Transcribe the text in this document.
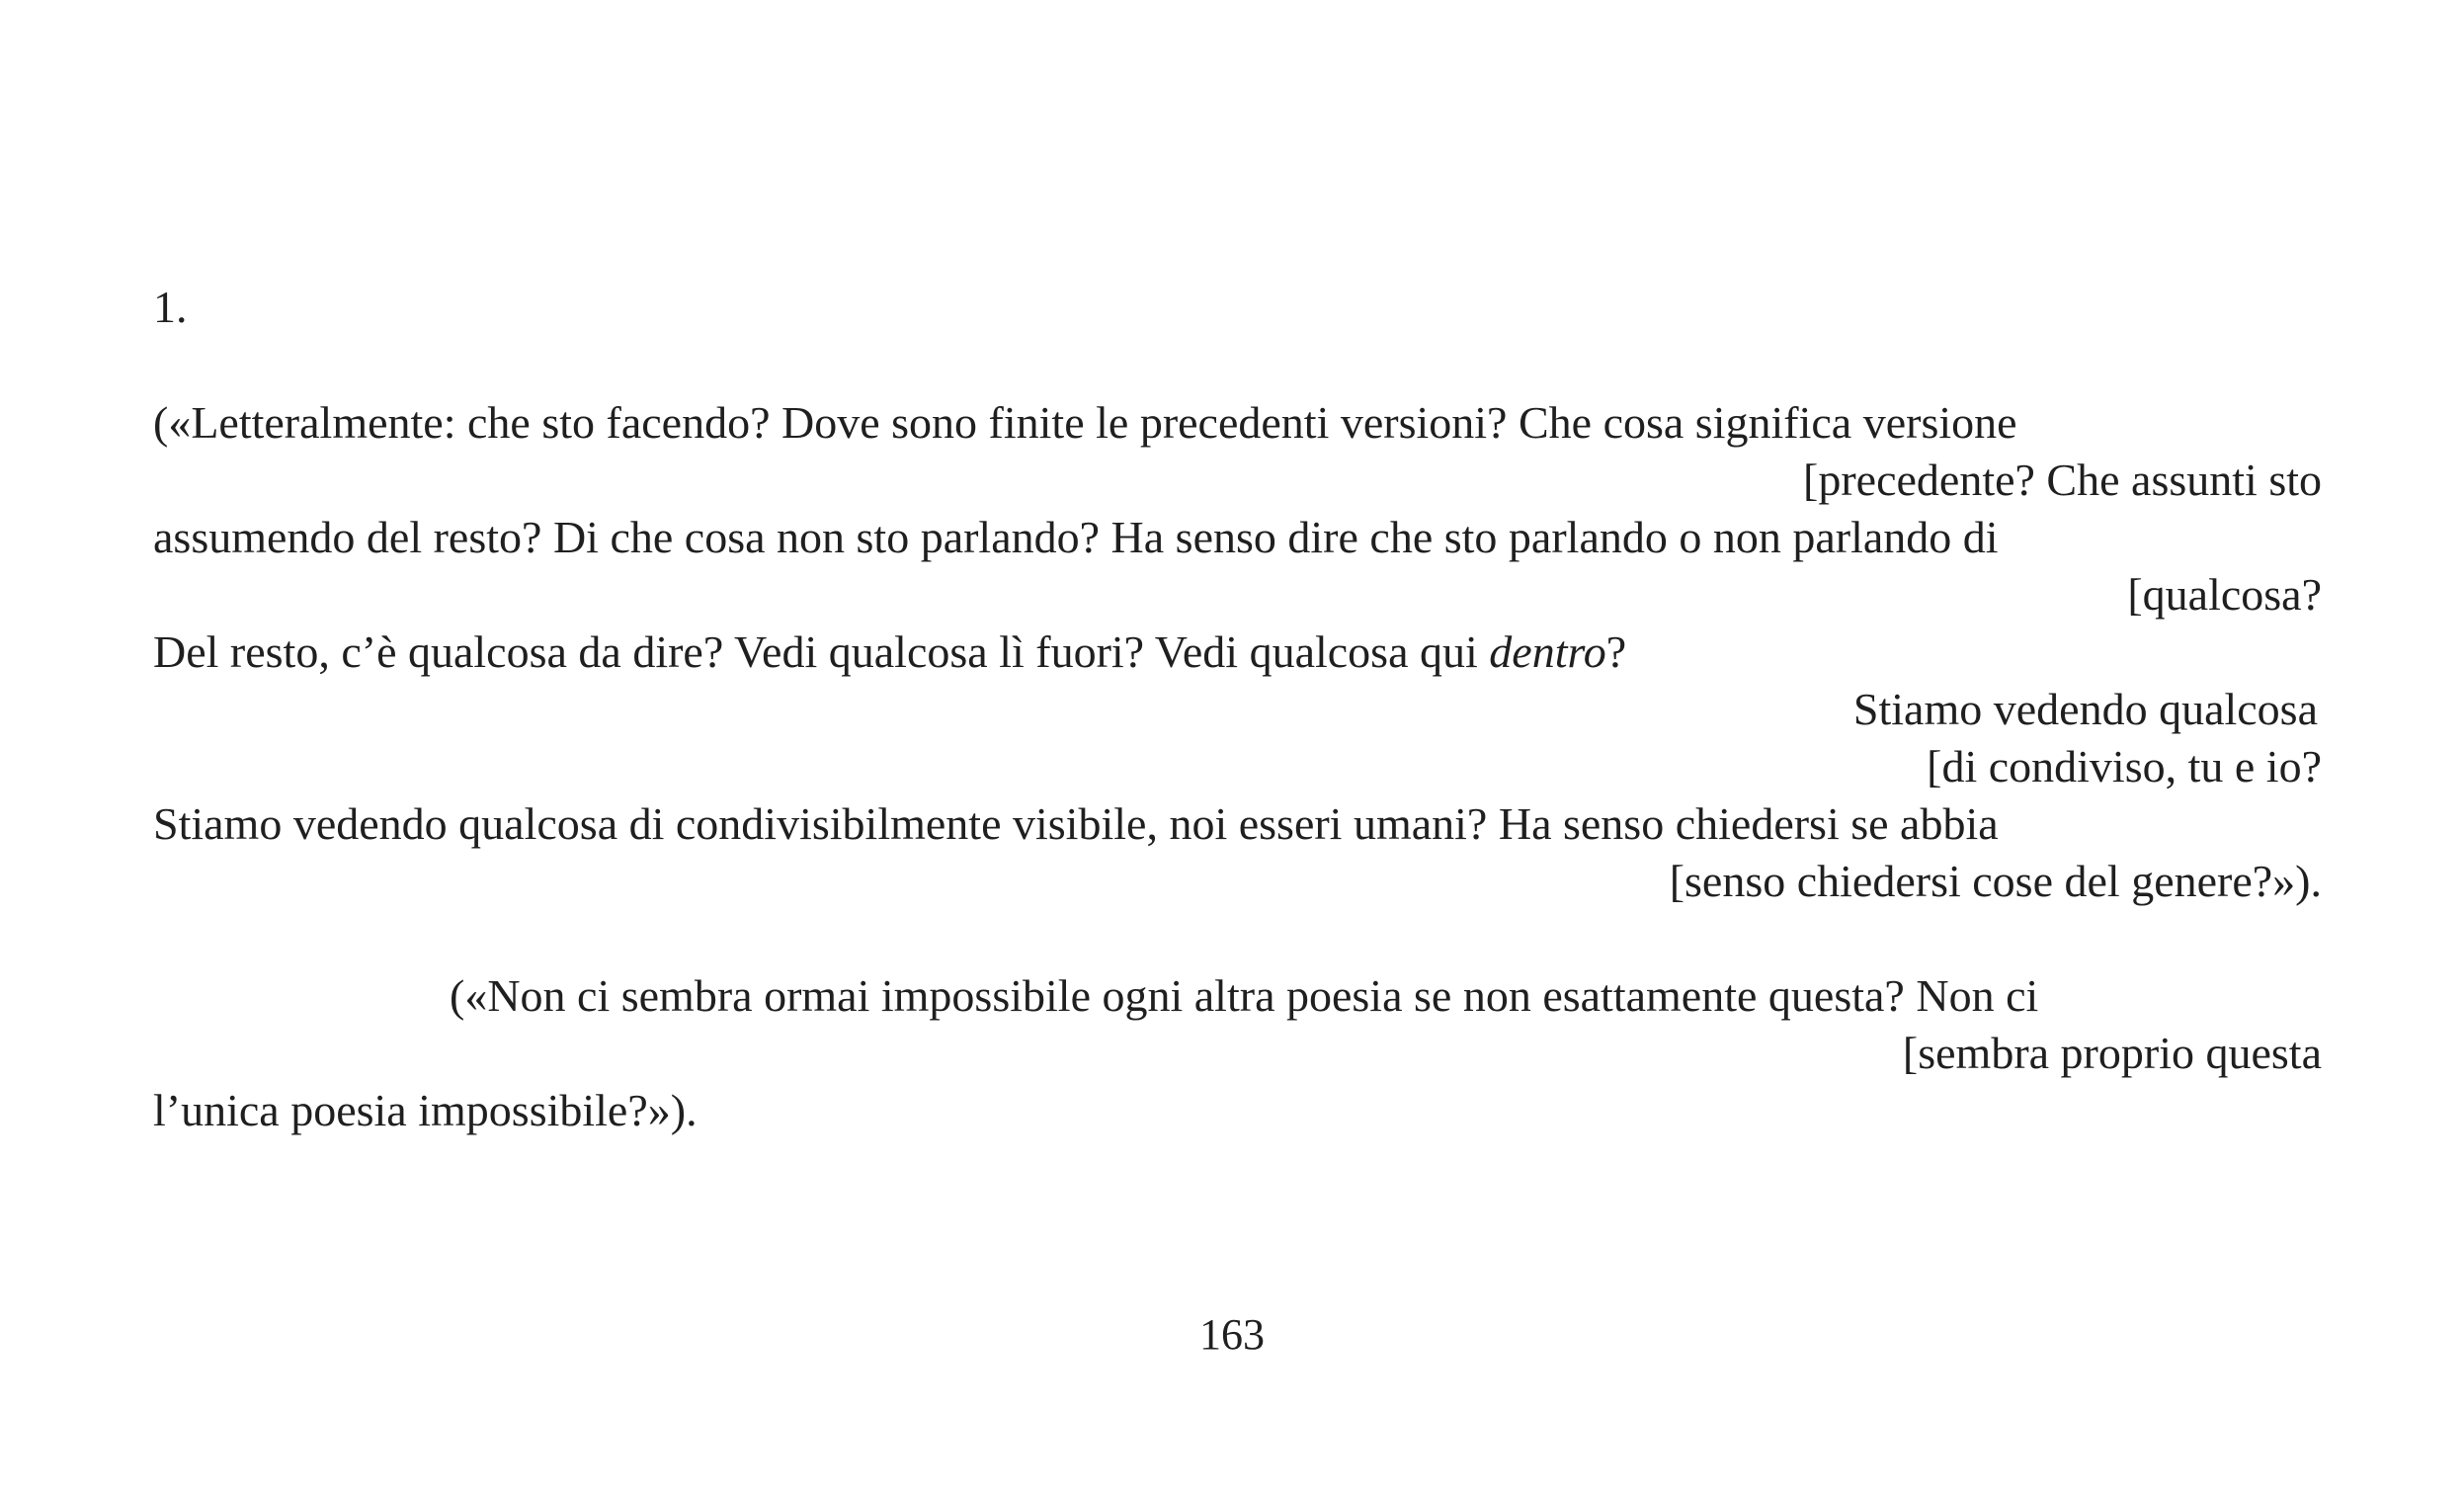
1.

(«Letteralmente: che sto facendo? Dove sono finite le precedenti versioni? Che cosa significa versione

[precedente? Che assunti sto

assumendo del resto? Di che cosa non sto parlando? Ha senso dire che sto parlando o non parlando di

[qualcosa?

Del resto, c’è qualcosa da dire? Vedi qualcosa lì fuori? Vedi qualcosa qui dentro?

Stiamo vedendo qualcosa

[di condiviso, tu e io?

Stiamo vedendo qualcosa di condivisibilmente visibile, noi esseri umani? Ha senso chiedersi se abbia

[senso chiedersi cose del genere?»).

(«Non ci sembra ormai impossibile ogni altra poesia se non esattamente questa? Non ci

[sembra proprio questa

l’unica poesia impossibile?»).

163
